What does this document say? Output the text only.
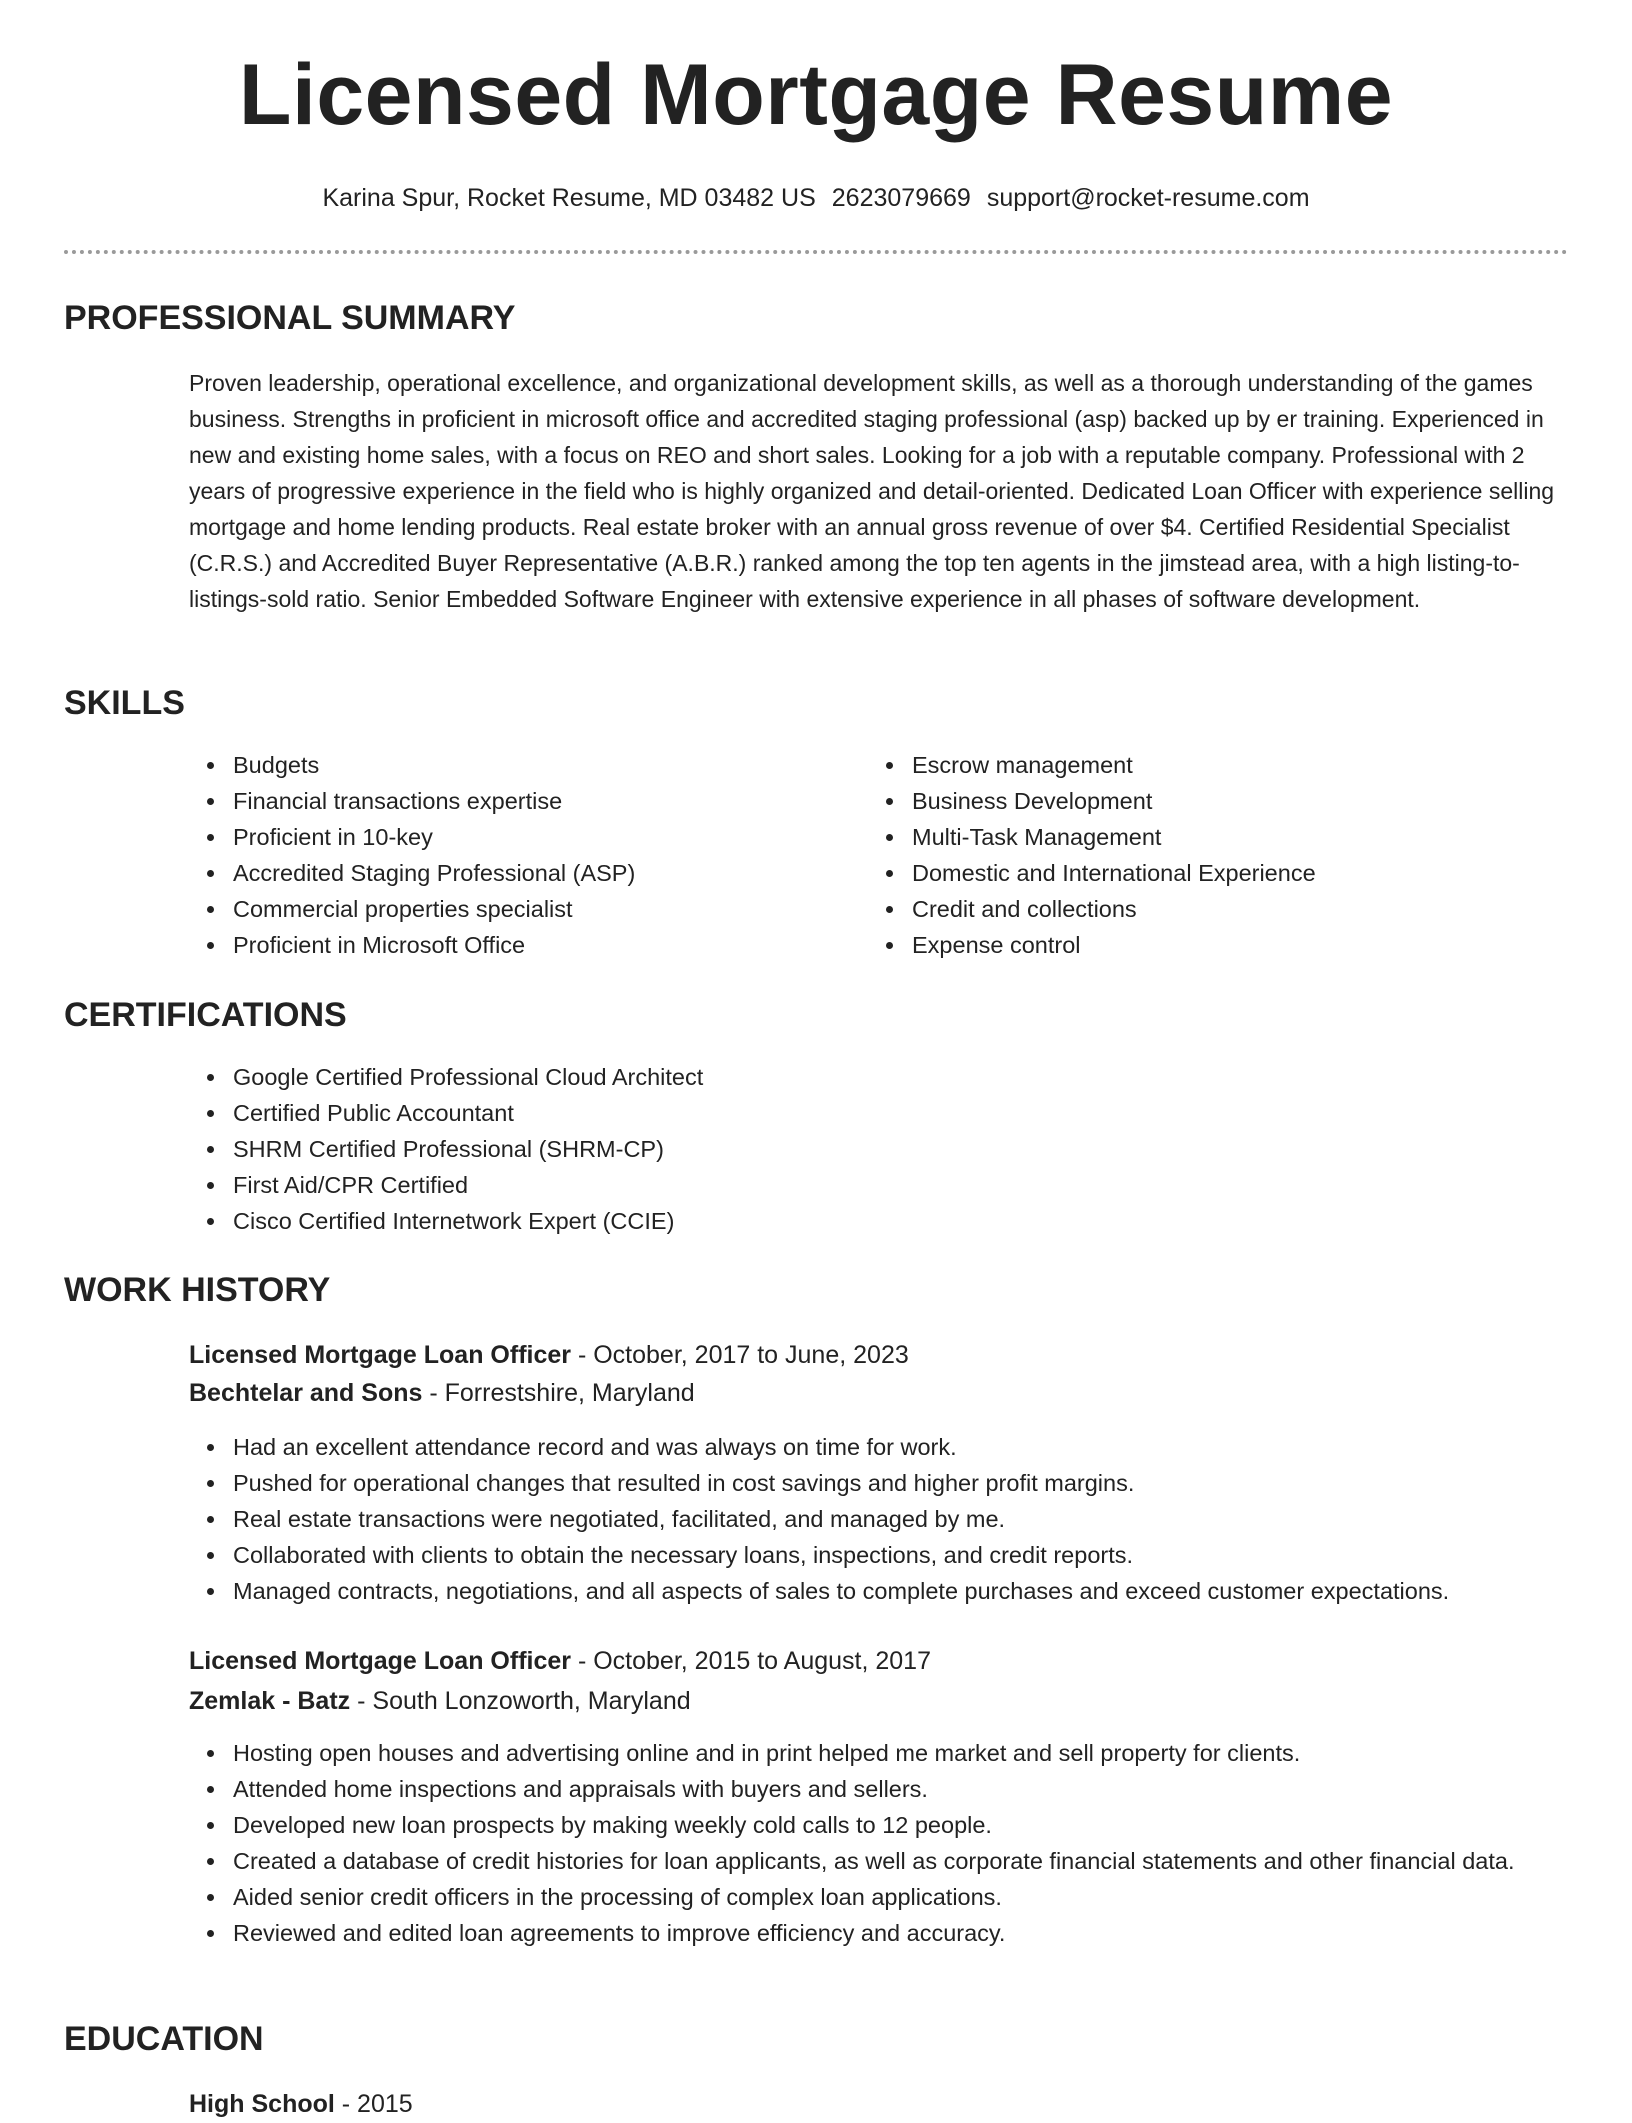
Licensed Mortgage Resume
Karina Spur, Rocket Resume, MD 03482 US 2623079669 support@rocket-resume.com
PROFESSIONAL SUMMARY

Proven leadership, operational excellence, and organizational development skills, as well as a thorough understanding of the games business. Strengths in proficient in microsoft office and accredited staging professional (asp) backed up by er training. Experienced in new and existing home sales, with a focus on REO and short sales. Looking for a job with a reputable company. Professional with 2 years of progressive experience in the field who is highly organized and detail-oriented. Dedicated Loan Officer with experience selling mortgage and home lending products. Real estate broker with an annual gross revenue of over $4. Certified Residential Specialist (C.R.S.) and Accredited Buyer Representative (A.B.R.) ranked among the top ten agents in the jimstead area, with a high listing-to-listings-sold ratio. Senior Embedded Software Engineer with extensive experience in all phases of software development.

SKILLS
Budgets
Financial transactions expertise
Proficient in 10-key
Accredited Staging Professional (ASP)
Commercial properties specialist
Proficient in Microsoft Office
Escrow management
Business Development
Multi-Task Management
Domestic and International Experience
Credit and collections
Expense control
CERTIFICATIONS
Google Certified Professional Cloud Architect
Certified Public Accountant
SHRM Certified Professional (SHRM-CP)
First Aid/CPR Certified
Cisco Certified Internetwork Expert (CCIE)
WORK HISTORY

Licensed Mortgage Loan Officer - October, 2017 to June, 2023

Bechtelar and Sons - Forrestshire, Maryland

Had an excellent attendance record and was always on time for work.
Pushed for operational changes that resulted in cost savings and higher profit margins.
Real estate transactions were negotiated, facilitated, and managed by me.
Collaborated with clients to obtain the necessary loans, inspections, and credit reports.
Managed contracts, negotiations, and all aspects of sales to complete purchases and exceed customer expectations.

Licensed Mortgage Loan Officer - October, 2015 to August, 2017

Zemlak - Batz - South Lonzoworth, Maryland

Hosting open houses and advertising online and in print helped me market and sell property for clients.
Attended home inspections and appraisals with buyers and sellers.
Developed new loan prospects by making weekly cold calls to 12 people.
Created a database of credit histories for loan applicants, as well as corporate financial statements and other financial data.
Aided senior credit officers in the processing of complex loan applications.
Reviewed and edited loan agreements to improve efficiency and accuracy.
EDUCATION

High School - 2015
